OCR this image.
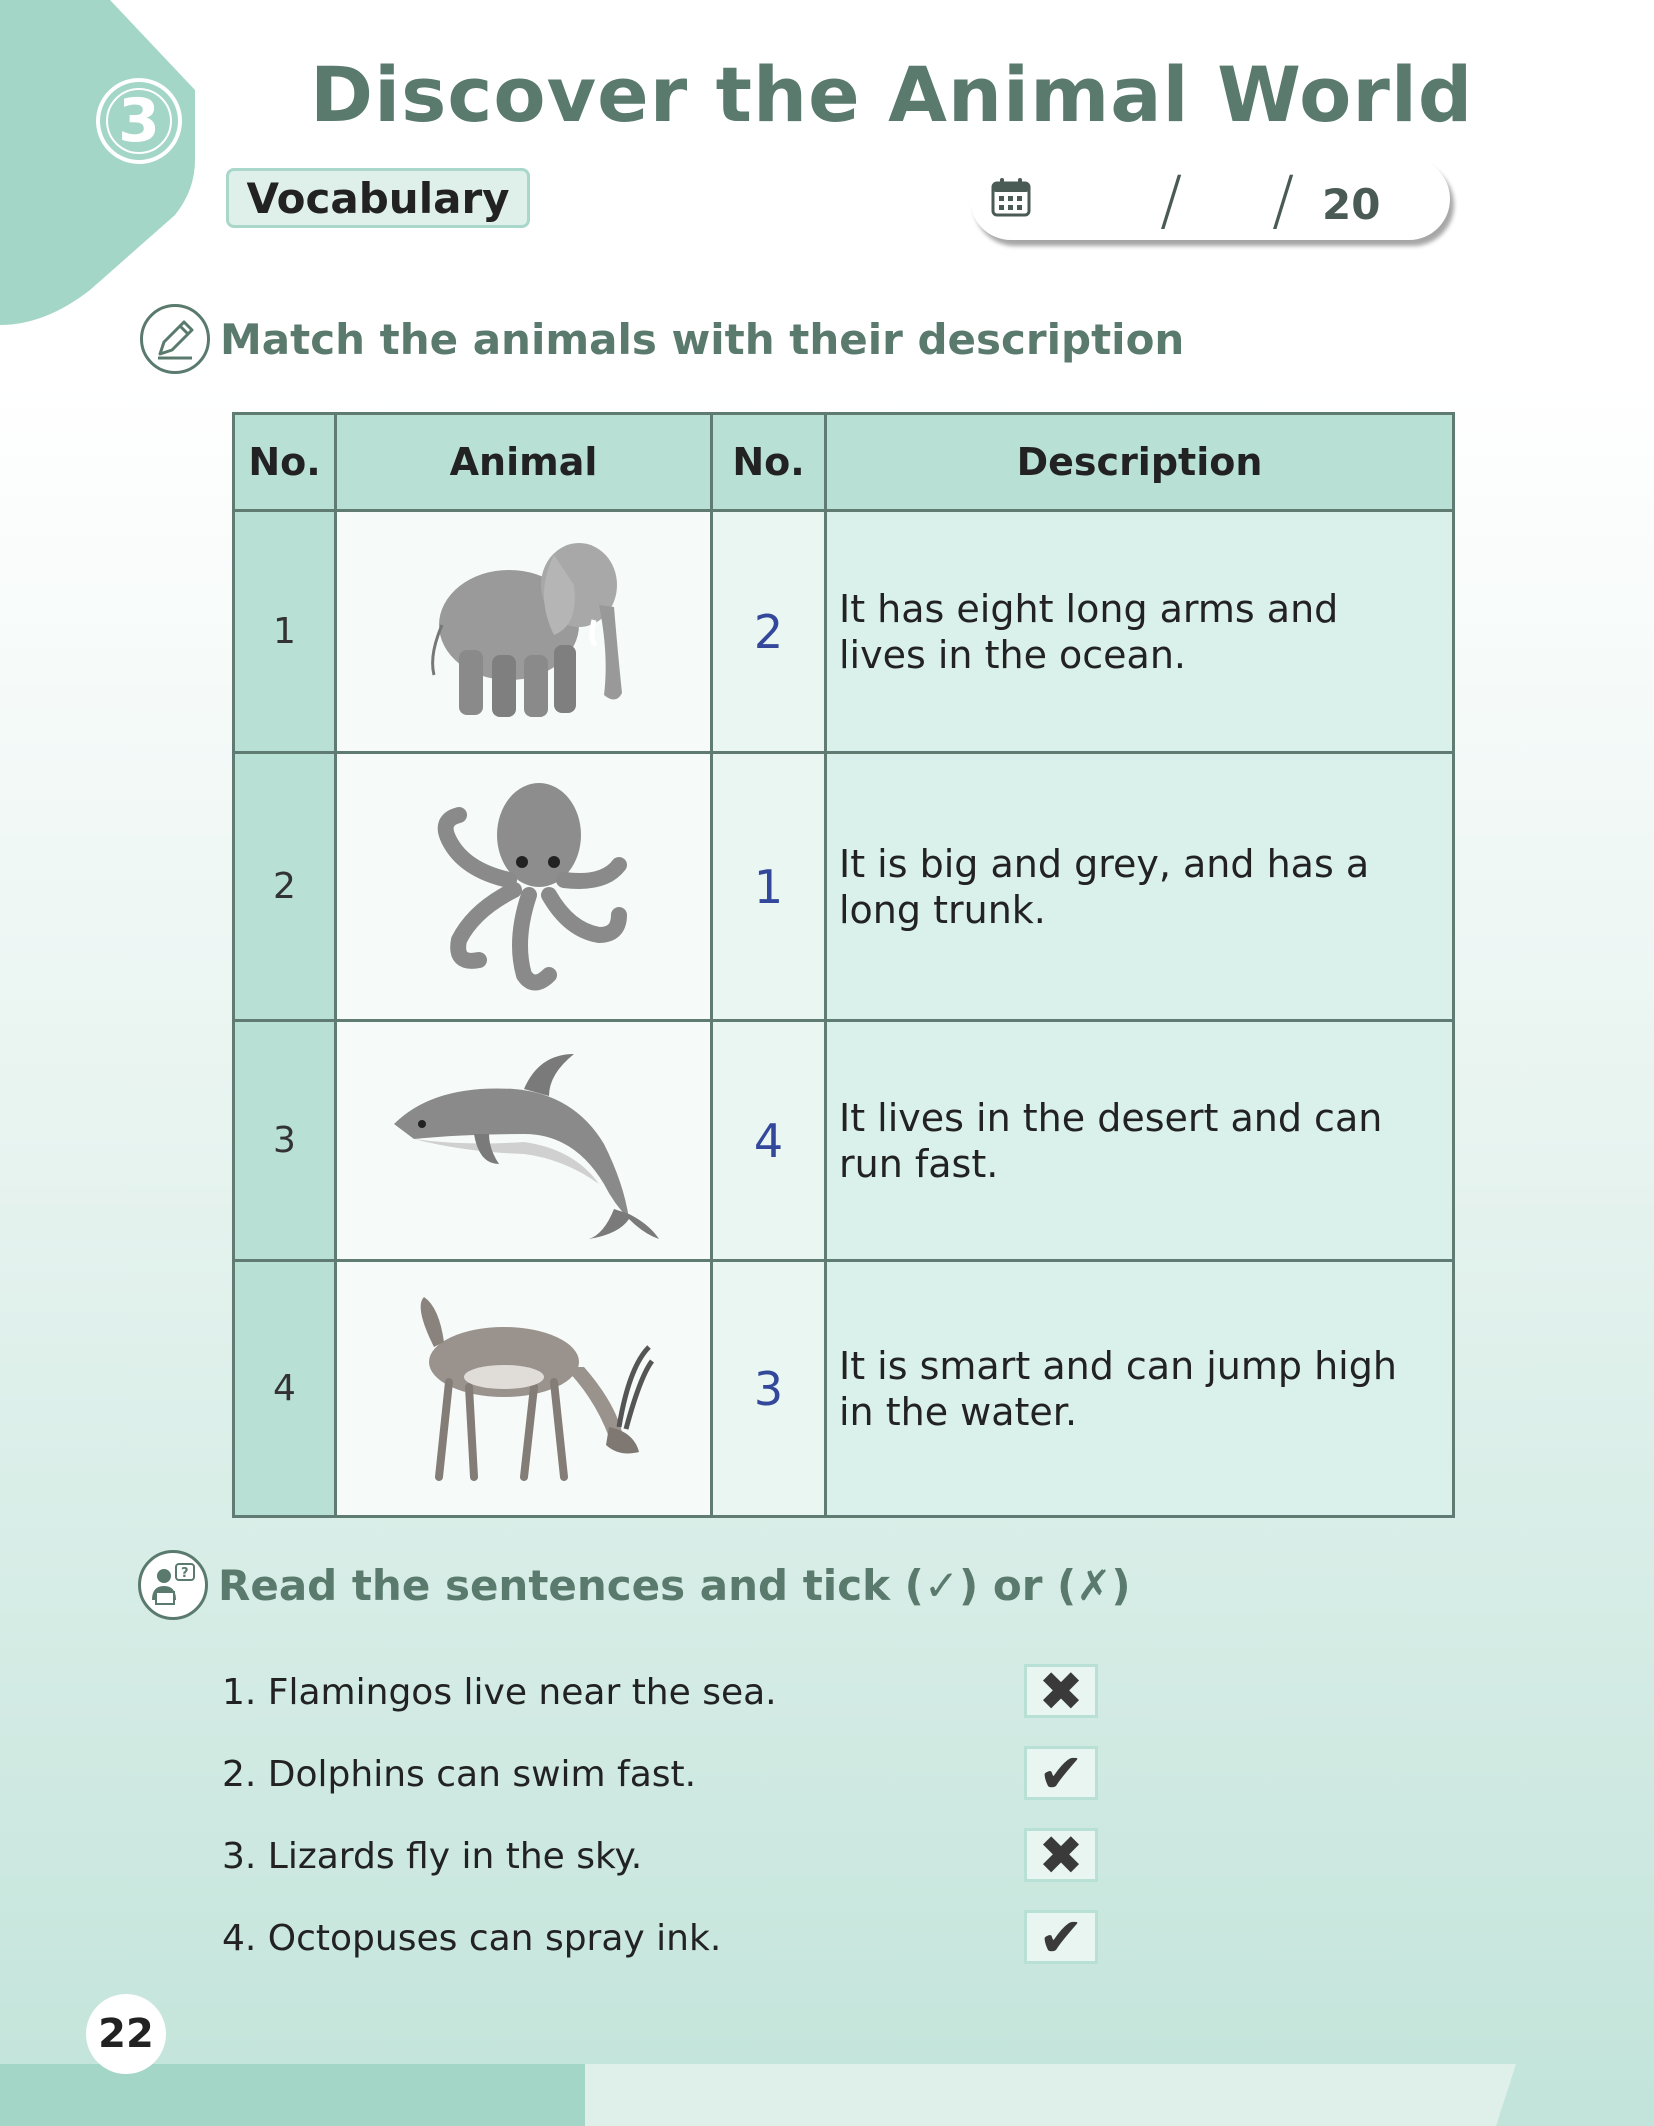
3 Discover the Animal World
Vocabulary	/ / 20
Match the animals with their description
No.	Animal	No.	Description
1		2	It has eight long arms and lives in the ocean.
2		1	It is big and grey, and has a long trunk.
3		4	It lives in the desert and can run fast.
4		3	It is smart and can jump high in the water.
? Read the sentences and tick (✓) or (✗)
1. Flamingos live near the sea.	✖
2. Dolphins can swim fast.	✔
3. Lizards fly in the sky.	✖
4. Octopuses can spray ink.	✔
22
